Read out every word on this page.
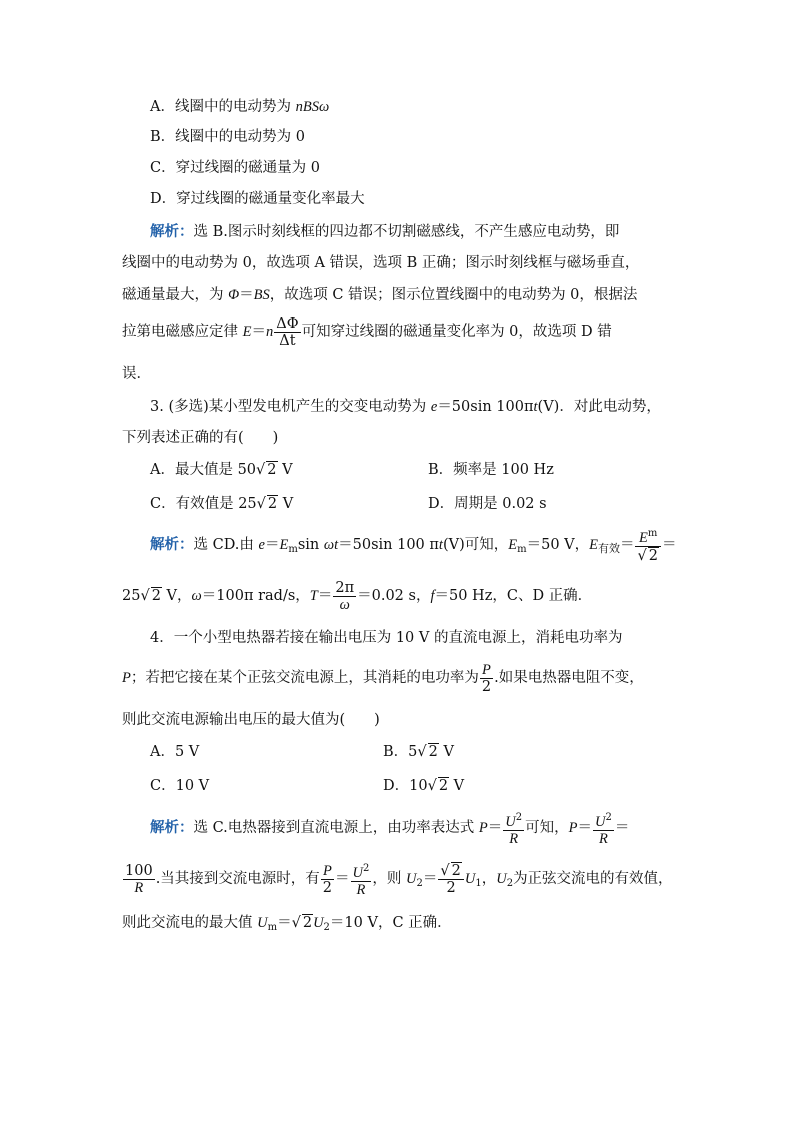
A．线圈中的电动势为 nBSω
B．线圈中的电动势为 0
C．穿过线圈的磁通量为 0
D．穿过线圈的磁通量变化率最大
解析：选 B.图示时刻线框的四边都不切割磁感线，不产生感应电动势，即
线圈中的电动势为 0，故选项 A 错误，选项 B 正确；图示时刻线框与磁场垂直，
磁通量最大，为 Φ＝BS，故选项 C 错误；图示位置线圈中的电动势为 0，根据法
拉第电磁感应定律 $E=n \frac{\Delta\Phi}{\Delta t}$ 可知穿过线圈的磁通量变化率为 0，故选项 D 错
误．
3. (多选)某小型发电机产生的交变电动势为 e＝50sin 100πt(V)．对此电动势，
下列表述正确的有(　　)
A．最大值是 50√ 2 V	B．频率是 100 Hz
C．有效值是 25√ 2 V	D．周期是 0.02 s
解析：选 CD.由 $e=E_m\sin$ ωt＝50sin 100 πt(V)可知，$E_m=50$ V，$E_{有效}= \frac{E^m}{√ 2}$ ＝
25√ 2 V，ω＝100π rad/s，$T= \frac{2\pi}{\omega} =0.02$ s，f＝50 Hz，C、D 正确．
4．一个小型电热器若接在输出电压为 10 V 的直流电源上，消耗电功率为
P；若把它接在某个正弦交流电源上，其消耗的电功率为 $\frac{P}{2}$ .如果电热器电阻不变，
则此交流电源输出电压的最大值为(　　)
A．5 V	B．5√ 2 V
C．10 V	D．10√ 2 V
解析：选 C.电热器接到直流电源上，由功率表达式 $P= \frac{U^2}{R}$ 可知，$P= \frac{U^2}{R}$ ＝
$\frac{100}{R}$ .当其接到交流电源时，有 $\frac{P}{2} = \frac{U^2}{R}$ ，则 $U_2= \frac{√ 2}{2} U_1$，$U_2$为正弦交流电的有效值，
则此交流电的最大值 $U_m=√$ $2U_2=10$ V，C 正确．
